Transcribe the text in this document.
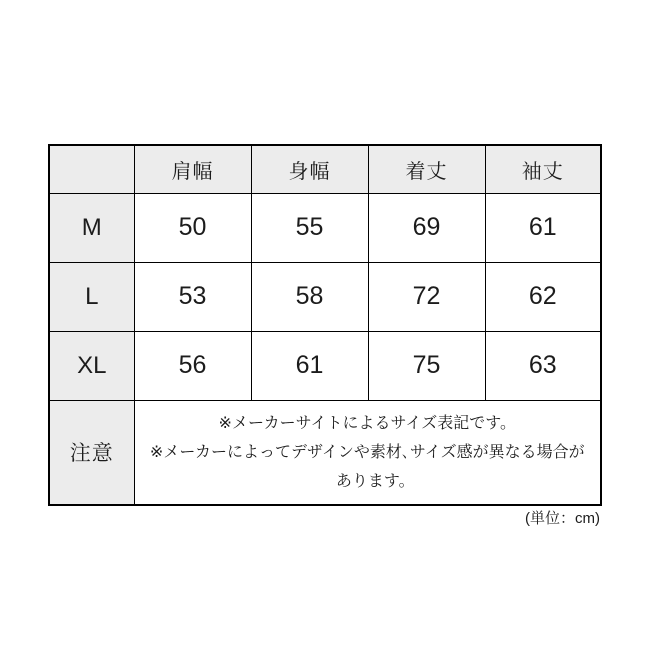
	肩幅	身幅	着丈	袖丈
M	50	55	69	61
L	53	58	72	62
XL	56	61	75	63
注意	※メーカーサイトによるサイズ表記です。
※メーカーによってデザインや素材､サイズ感が異なる場合が
あります。			
(単位：cm)
